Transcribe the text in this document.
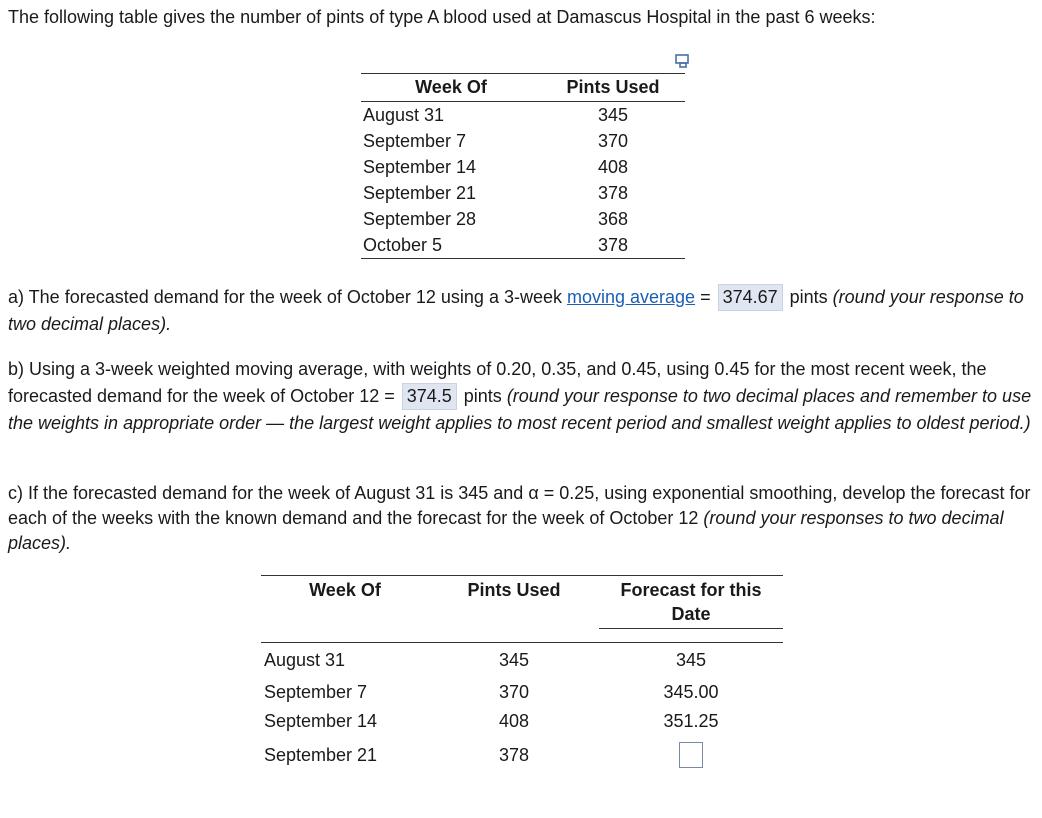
The following table gives the number of pints of type A blood used at Damascus Hospital in the past 6 weeks:
Week Of	Pints Used
August 31	345
September 7	370
September 14	408
September 21	378
September 28	368
October 5	378
a) The forecasted demand for the week of October 12 using a 3-week moving average = 374.67 pints (round your response to two decimal places).
b) Using a 3-week weighted moving average, with weights of 0.20, 0.35, and 0.45, using 0.45 for the most recent week, the forecasted demand for the week of October 12 = 374.5 pints (round your response to two decimal places and remember to use the weights in appropriate order — the largest weight applies to most recent period and smallest weight applies to oldest period.)
c) If the forecasted demand for the week of August 31 is 345 and α = 0.25, using exponential smoothing, develop the forecast for each of the weeks with the known demand and the forecast for the week of October 12 (round your responses to two decimal places).
Week Of	Pints Used	Forecast for this Date

August 31	345	345
September 7	370	345.00
September 14	408	351.25
September 21	378	
